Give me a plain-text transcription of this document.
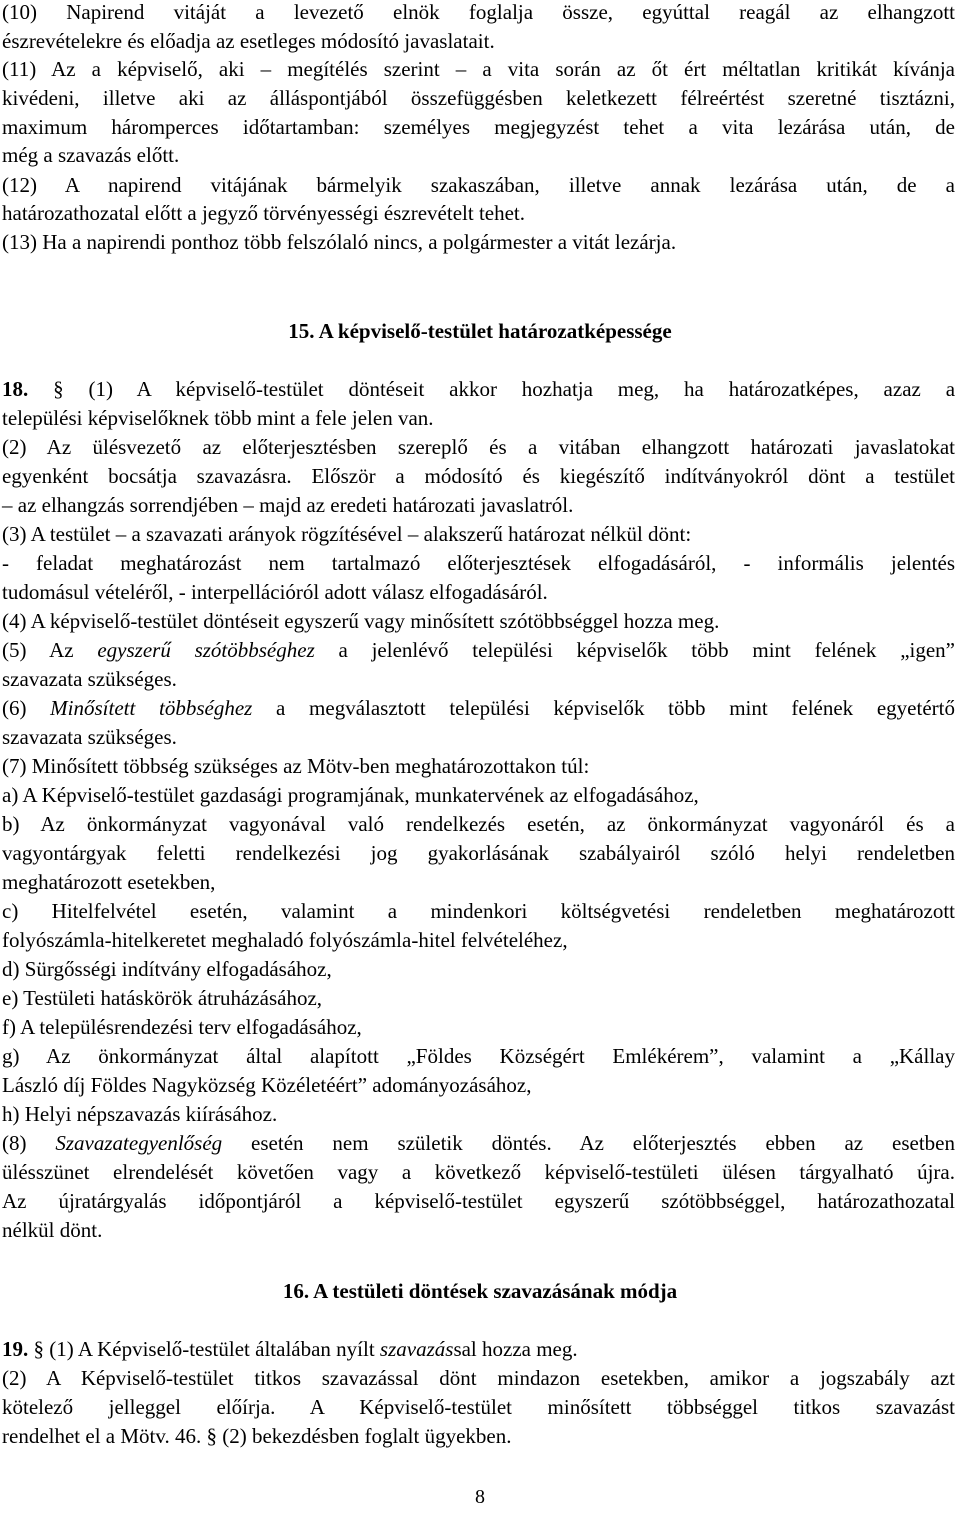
(10) Napirend vitáját a levezető elnök foglalja össze, egyúttal reagál az elhangzott
észrevételekre és előadja az esetleges módosító javaslatait.
(11) Az a képviselő, aki – megítélés szerint – a vita során az őt ért méltatlan kritikát kívánja
kivédeni, illetve aki az álláspontjából összefüggésben keletkezett félreértést szeretné tisztázni,
maximum háromperces időtartamban: személyes megjegyzést tehet a vita lezárása után, de
még a szavazás előtt.
(12) A napirend vitájának bármelyik szakaszában, illetve annak lezárása után, de a
határozathozatal előtt a jegyző törvényességi észrevételt tehet.
(13) Ha a napirendi ponthoz több felszólaló nincs, a polgármester a vitát lezárja.
15. A képviselő-testület határozatképessége
18. § (1) A képviselő-testület döntéseit akkor hozhatja meg, ha határozatképes, azaz a
települési képviselőknek több mint a fele jelen van.
(2) Az ülésvezető az előterjesztésben szereplő és a vitában elhangzott határozati javaslatokat
egyenként bocsátja szavazásra. Először a módosító és kiegészítő indítványokról dönt a testület
– az elhangzás sorrendjében – majd az eredeti határozati javaslatról.
(3) A testület – a szavazati arányok rögzítésével – alakszerű határozat nélkül dönt:
- feladat meghatározást nem tartalmazó előterjesztések elfogadásáról, - informális jelentés
tudomásul vételéről, - interpellációról adott válasz elfogadásáról.
(4) A képviselő-testület döntéseit egyszerű vagy minősített szótöbbséggel hozza meg.
(5) Az egyszerű szótöbbséghez a jelenlévő települési képviselők több mint felének „igen”
szavazata szükséges.
(6) Minősített többséghez a megválasztott települési képviselők több mint felének egyetértő
szavazata szükséges.
(7) Minősített többség szükséges az Mötv-ben meghatározottakon túl:
a) A Képviselő-testület gazdasági programjának, munkatervének az elfogadásához,
b) Az önkormányzat vagyonával való rendelkezés esetén, az önkormányzat vagyonáról és a
vagyontárgyak feletti rendelkezési jog gyakorlásának szabályairól szóló helyi rendeletben
meghatározott esetekben,
c) Hitelfelvétel esetén, valamint a mindenkori költségvetési rendeletben meghatározott
folyószámla-hitelkeretet meghaladó folyószámla-hitel felvételéhez,
d) Sürgősségi indítvány elfogadásához,
e) Testületi hatáskörök átruházásához,
f) A településrendezési terv elfogadásához,
g) Az önkormányzat által alapított „Földes Községért Emlékérem”, valamint a „Kállay
László díj Földes Nagyközség Közéletéért” adományozásához,
h) Helyi népszavazás kiírásához.
(8) Szavazategyenlőség esetén nem születik döntés. Az előterjesztés ebben az esetben
ülésszünet elrendelését követően vagy a következő képviselő-testületi ülésen tárgyalható újra.
Az újratárgyalás időpontjáról a képviselő-testület egyszerű szótöbbséggel, határozathozatal
nélkül dönt.
16. A testületi döntések szavazásának módja
19. § (1) A Képviselő-testület általában nyílt szavazással hozza meg.
(2) A Képviselő-testület titkos szavazással dönt mindazon esetekben, amikor a jogszabály azt
kötelező jellegge​l előírja. A Képviselő-testület minősített többséggel titkos szavazást
rendelhet el a Mötv. 46. § (2) bekezdésben foglalt ügyekben.
8
